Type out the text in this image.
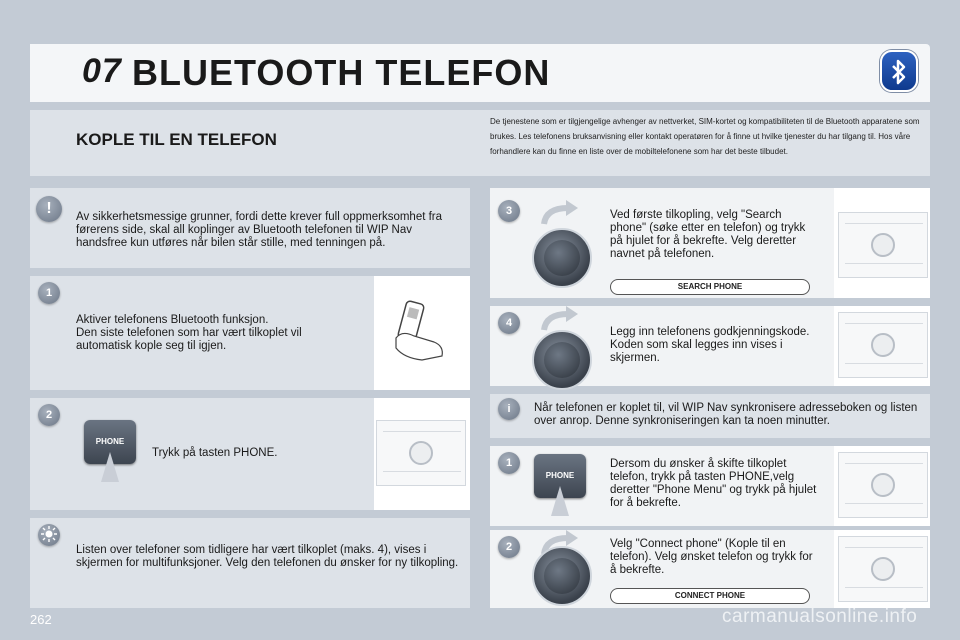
07 BLUETOOTH TELEFON
KOPLE TIL EN TELEFON
De tjenestene som er tilgjengelige avhenger av nettverket, SIM-kortet og kompatibiliteten til de Bluetooth apparatene som brukes. Les telefonens bruksanvisning eller kontakt operatøren for å finne ut hvilke tjenester du har tilgang til. Hos våre forhandlere kan du finne en liste over de mobiltelefonene som har det beste tilbudet.
!	Av sikkerhetsmessige grunner, fordi dette krever full oppmerksomhet fra førerens side, skal all koplinger av Bluetooth telefonen til WIP Nav handsfree kun utføres når bilen står stille, med tenningen på.
1
Aktiver telefonens Bluetooth funksjon.
Den siste telefonen som har vært tilkoplet vil automatisk kople seg til igjen.
2
PHONE
Trykk på tasten PHONE.
Listen over telefoner som tidligere har vært tilkoplet (maks. 4), vises i skjermen for multifunksjoner. Velg den telefonen du ønsker for ny tilkopling.
3	Ved første tilkopling, velg "Search phone" (søke etter en telefon) og trykk på hjulet for å bekrefte. Velg deretter navnet på telefonen.
SEARCH PHONE
4
Legg inn telefonens godkjenningskode. Koden som skal legges inn vises i skjermen.
i	Når telefonen er koplet til, vil WIP Nav synkronisere adresseboken og listen over anrop. Denne synkroniseringen kan ta noen minutter.
1
PHONE
Dersom du ønsker å skifte tilkoplet telefon, trykk på tasten PHONE,velg deretter "Phone Menu" og trykk på hjulet for å bekrefte.
2	Velg "Connect phone" (Kople til en telefon). Velg ønsket telefon og trykk for å bekrefte.
CONNECT PHONE
262	carmanualsonline.info
